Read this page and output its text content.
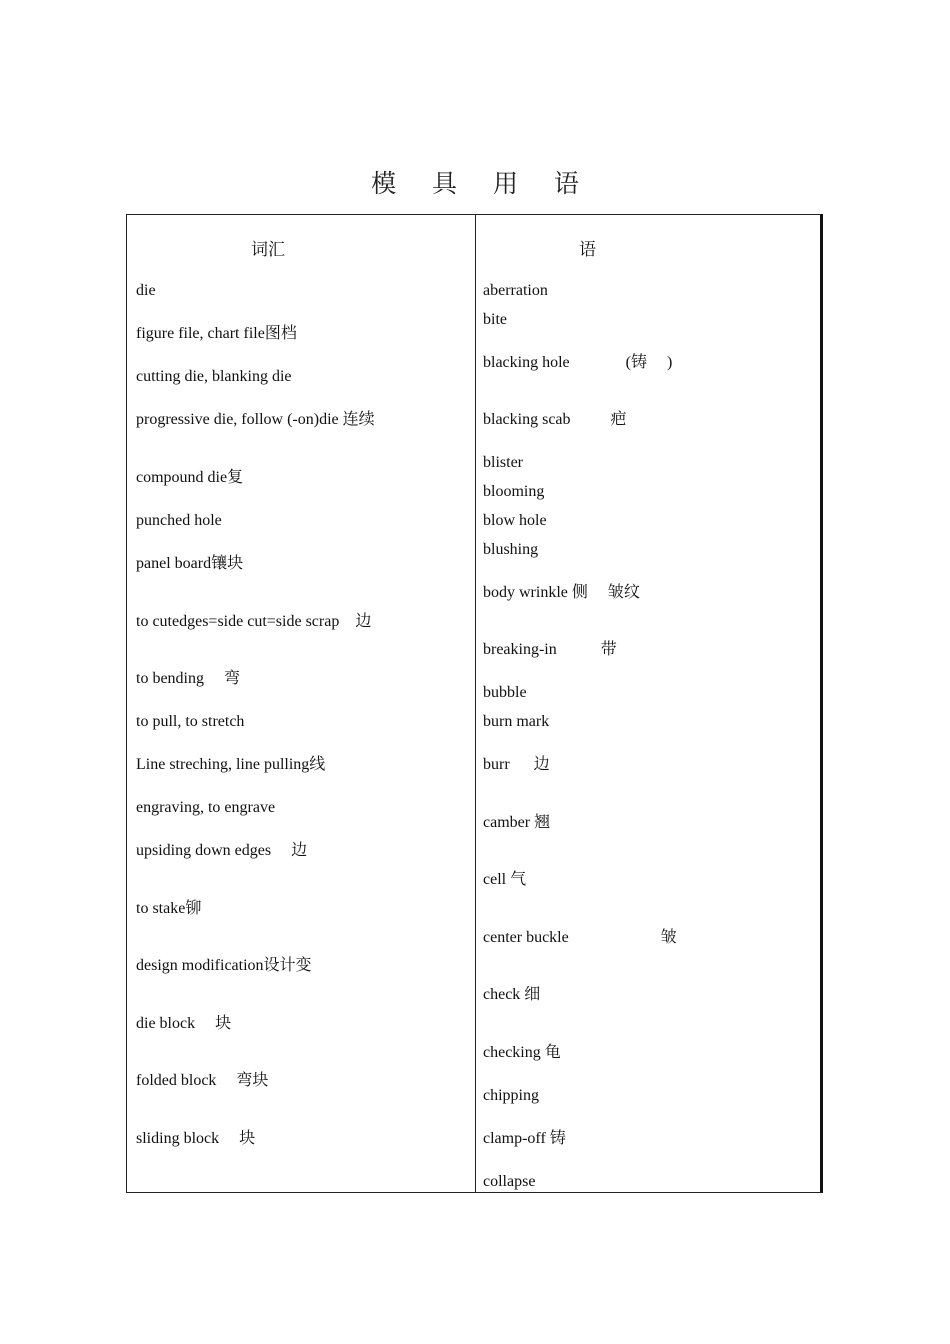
模 具 用 语
词汇	语
die
figure file, chart file图档
cutting die, blanking die
progressive die, follow (-on)die 连续
compound die复
punched hole
panel board镶块
to cutedges=side cut=side scrap    边
to bending     弯
to pull, to stretch
Line streching, line pulling线
engraving, to engrave
upsiding down edges     边
to stake铆
design modification设计变
die block     块
folded block     弯块
sliding block     块
aberration
bite
blacking hole              (铸     )
blacking scab          疤
blister
blooming
blow hole
blushing
body wrinkle 侧     皱纹
breaking-in           带
bubble
burn mark
burr      边
camber 翘
cell 气
center buckle                       皱
check 细
checking 龟
chipping
clamp-off 铸
collapse
